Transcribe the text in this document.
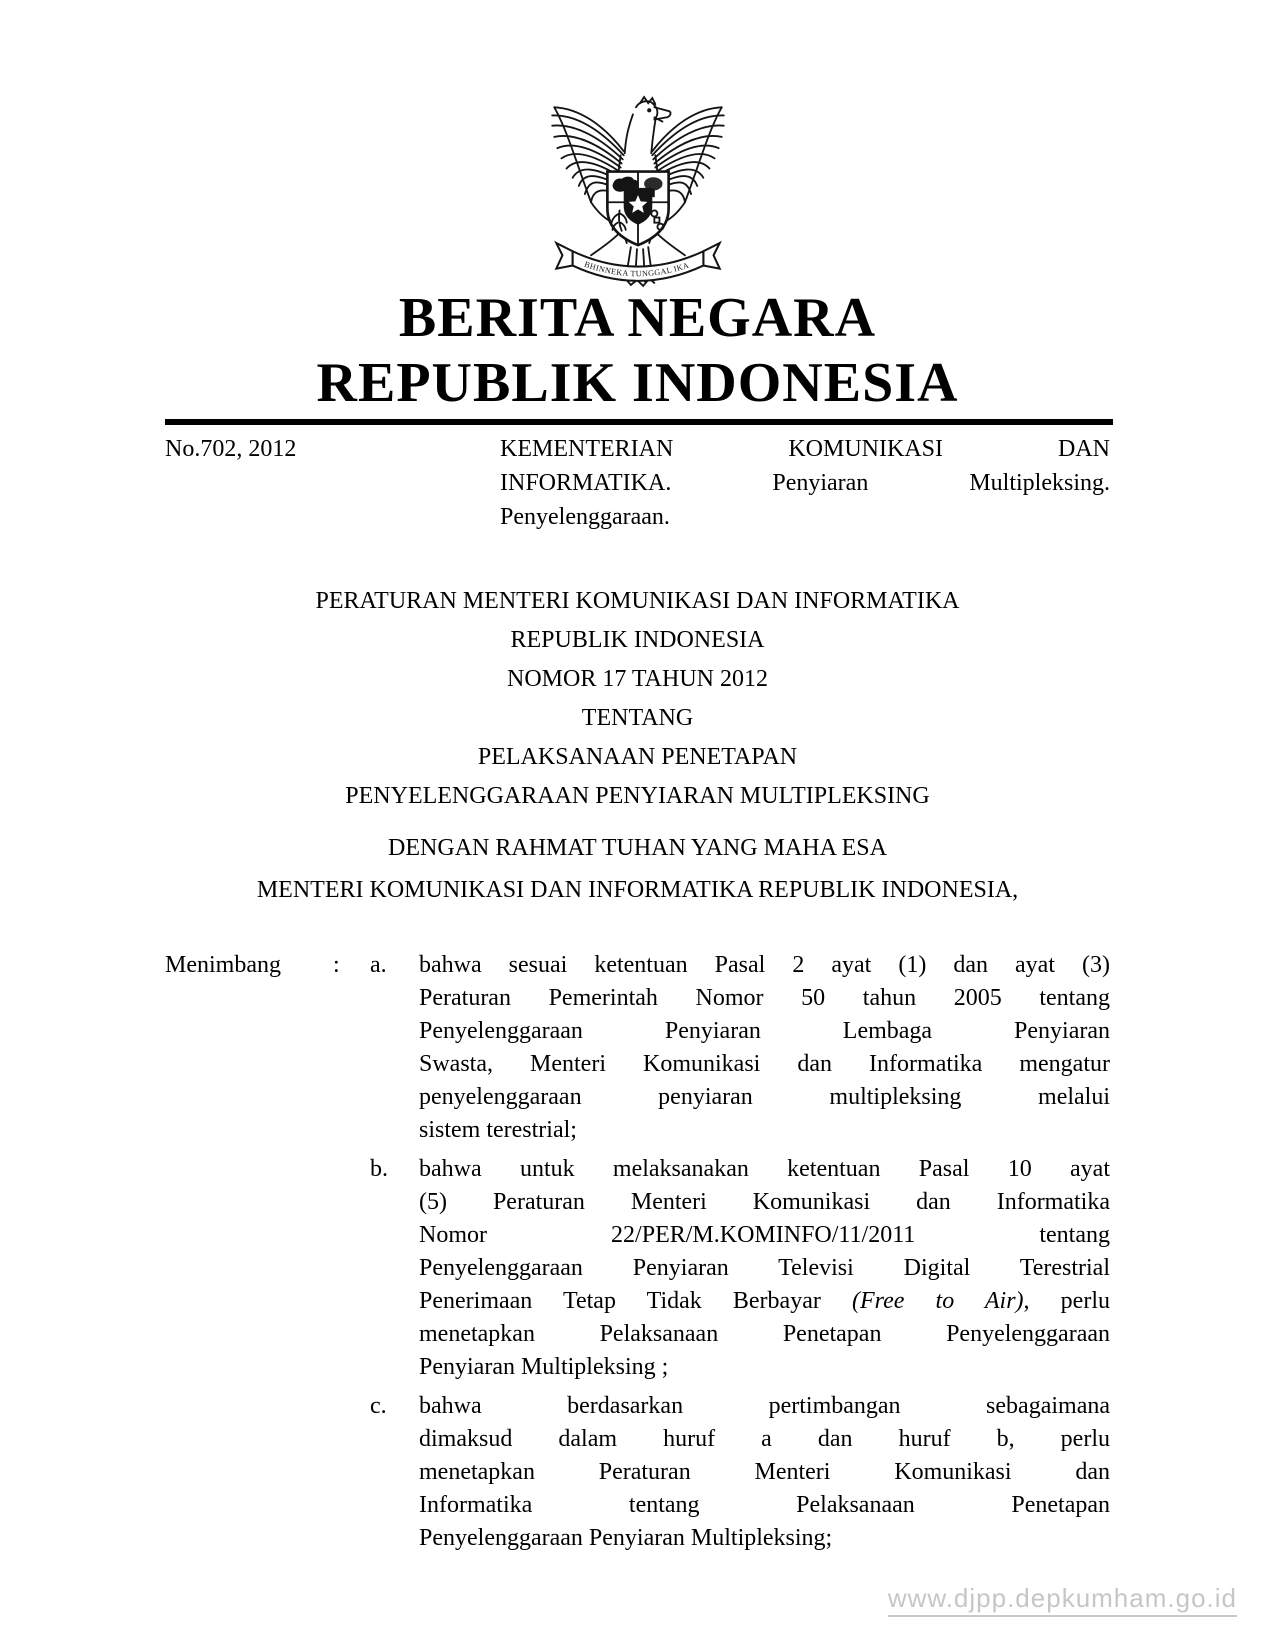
BHINNEKA TUNGGAL IKA
BERITA NEGARA
REPUBLIK INDONESIA
No.702, 2012	KEMENTERIAN KOMUNIKASI DAN
INFORMATIKA. Penyiaran Multipleksing.
Penyelenggaraan.
PERATURAN MENTERI KOMUNIKASI DAN INFORMATIKA
REPUBLIK INDONESIA
NOMOR 17 TAHUN 2012
TENTANG
PELAKSANAAN PENETAPAN
PENYELENGGARAAN PENYIARAN MULTIPLEKSING
DENGAN RAHMAT TUHAN YANG MAHA ESA
MENTERI KOMUNIKASI DAN INFORMATIKA REPUBLIK INDONESIA,
Menimbang : a.	bahwa sesuai ketentuan Pasal 2 ayat (1) dan ayat (3)
Peraturan Pemerintah Nomor 50 tahun 2005 tentang
Penyelenggaraan Penyiaran Lembaga Penyiaran
Swasta, Menteri Komunikasi dan Informatika mengatur
penyelenggaraan penyiaran multipleksing melalui
sistem terestrial;
b.	bahwa untuk melaksanakan ketentuan Pasal 10 ayat
(5) Peraturan Menteri Komunikasi dan Informatika
Nomor 22/PER/M.KOMINFO/11/2011 tentang
Penyelenggaraan Penyiaran Televisi Digital Terestrial
Penerimaan Tetap Tidak Berbayar (Free to Air), perlu
menetapkan Pelaksanaan Penetapan Penyelenggaraan
Penyiaran Multipleksing ;
c.	bahwa berdasarkan pertimbangan sebagaimana
dimaksud dalam huruf a dan huruf b, perlu
menetapkan Peraturan Menteri Komunikasi dan
Informatika tentang Pelaksanaan Penetapan
Penyelenggaraan Penyiaran Multipleksing;
www.djpp.depkumham.go.id
